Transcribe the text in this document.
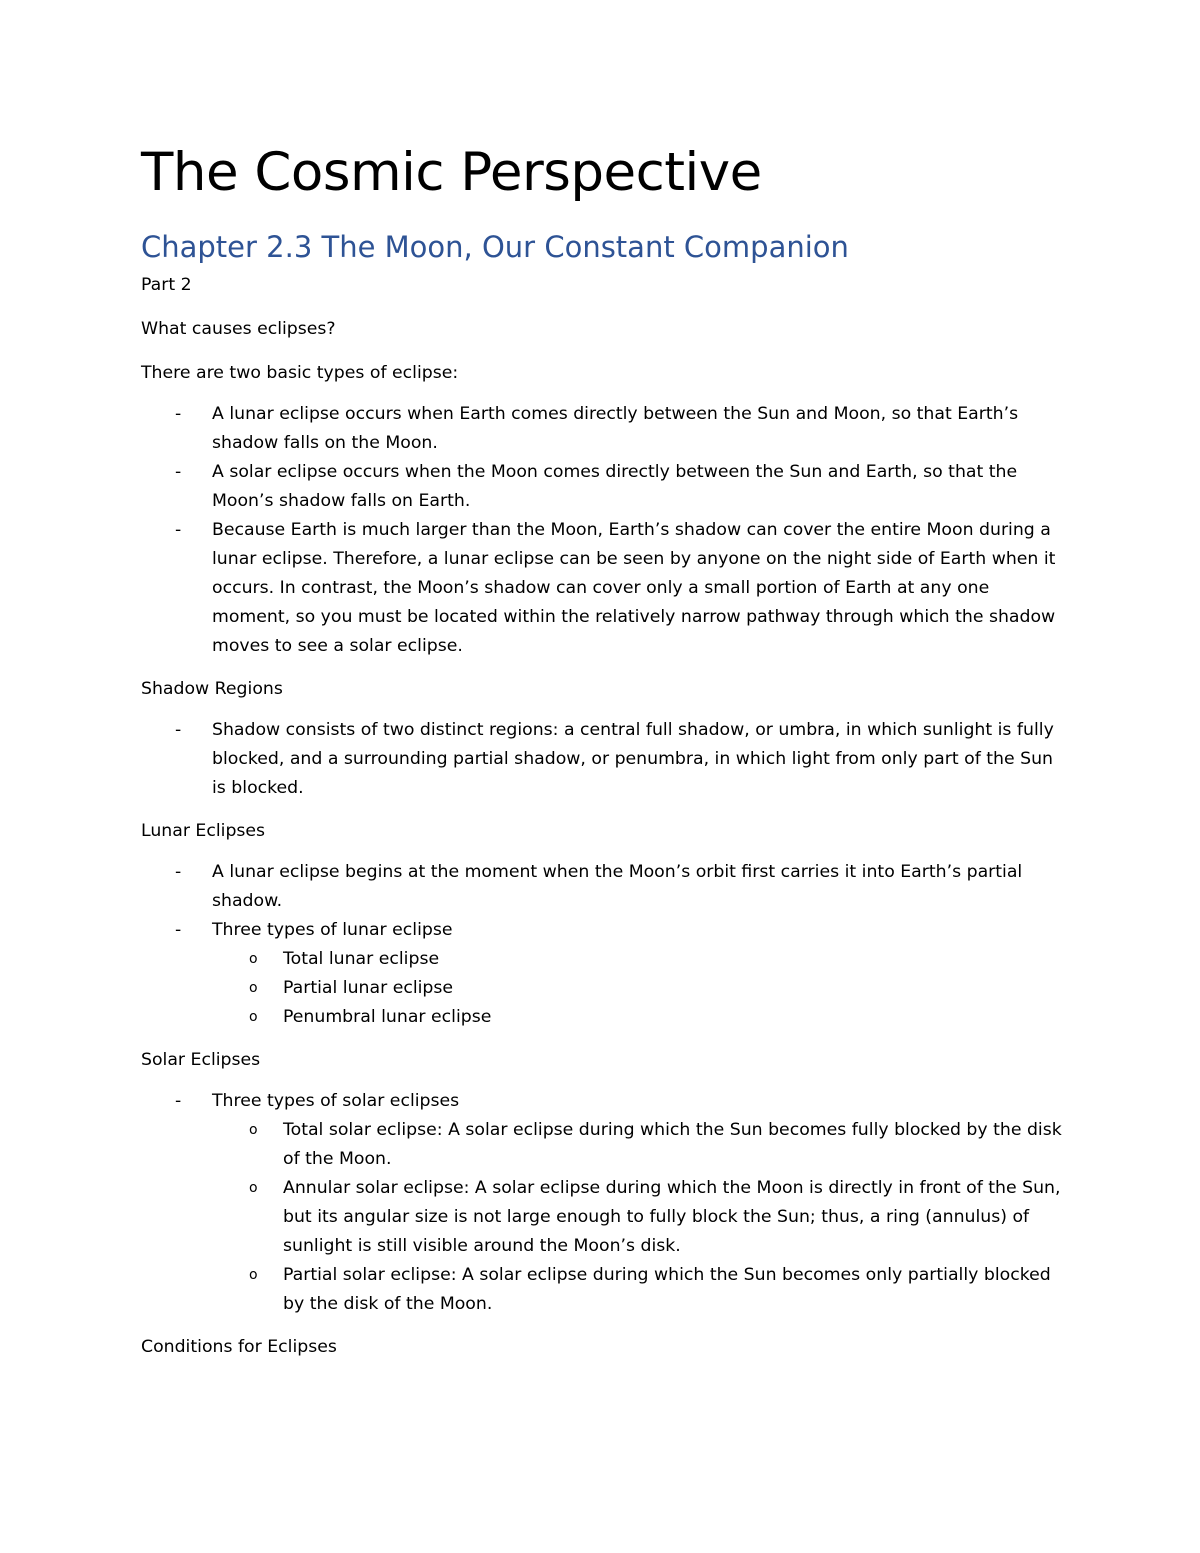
The Cosmic Perspective
Chapter 2.3 The Moon, Our Constant Companion

Part 2

What causes eclipses?

There are two basic types of eclipse:

- A lunar eclipse occurs when Earth comes directly between the Sun and Moon, so that Earth’s shadow falls on the Moon.
- A solar eclipse occurs when the Moon comes directly between the Sun and Earth, so that the Moon’s shadow falls on Earth.
- Because Earth is much larger than the Moon, Earth’s shadow can cover the entire Moon during a lunar eclipse. Therefore, a lunar eclipse can be seen by anyone on the night side of Earth when it occurs. In contrast, the Moon’s shadow can cover only a small portion of Earth at any one moment, so you must be located within the relatively narrow pathway through which the shadow moves to see a solar eclipse.

Shadow Regions

- Shadow consists of two distinct regions: a central full shadow, or umbra, in which sunlight is fully blocked, and a surrounding partial shadow, or penumbra, in which light from only part of the Sun is blocked.

Lunar Eclipses

- A lunar eclipse begins at the moment when the Moon’s orbit first carries it into Earth’s partial shadow.
- Three types of lunar eclipse
o Total lunar eclipse
o Partial lunar eclipse
o Penumbral lunar eclipse

Solar Eclipses

- Three types of solar eclipses
o Total solar eclipse: A solar eclipse during which the Sun becomes fully blocked by the disk of the Moon.
o Annular solar eclipse: A solar eclipse during which the Moon is directly in front of the Sun, but its angular size is not large enough to fully block the Sun; thus, a ring (annulus) of sunlight is still visible around the Moon’s disk.
o Partial solar eclipse: A solar eclipse during which the Sun becomes only partially blocked by the disk of the Moon.

Conditions for Eclipses
